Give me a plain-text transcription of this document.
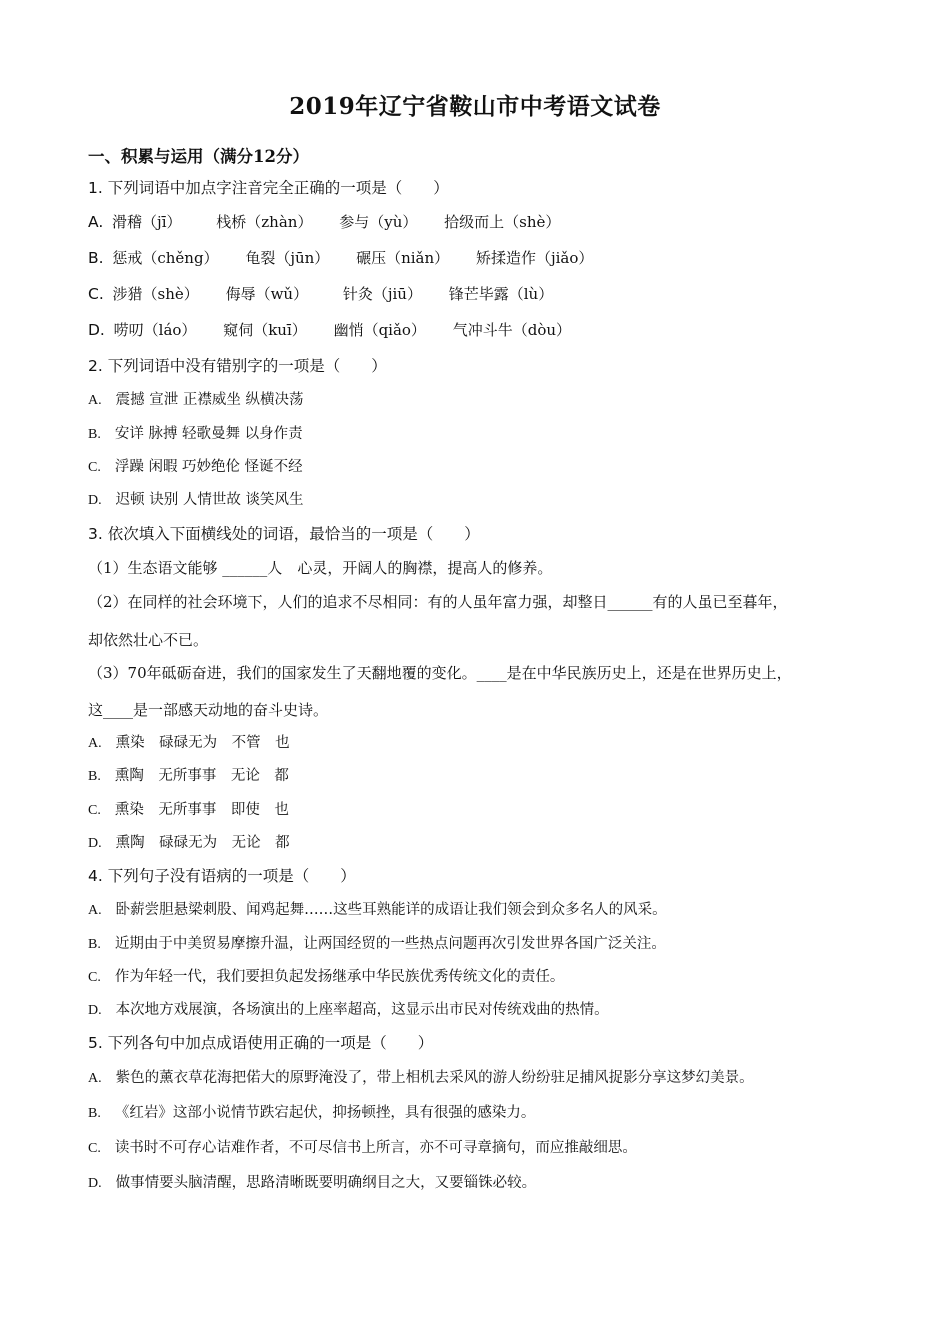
2019年辽宁省鞍山市中考语文试卷
一、积累与运用（满分12分）
1. 下列词语中加点字注音完全正确的一项是（　　）
A. 滑稽（jī） 栈桥（zhàn） 参与（yù） 拾级而上（shè）
B. 惩戒（chěng） 龟裂（jūn） 碾压（niǎn） 矫揉造作（jiǎo）
C. 涉猎（shè） 侮辱（wǔ） 针灸（jiū） 锋芒毕露（lù）
D. 唠叨（láo） 窥伺（kuī） 幽悄（qiǎo） 气冲斗牛（dòu）
2. 下列词语中没有错别字的一项是（　　）
A. 震撼 宣泄 正襟威坐 纵横决荡
B. 安详 脉搏 轻歌曼舞 以身作责
C. 浮躁 闲暇 巧妙绝伦 怪诞不经
D. 迟顿 诀别 人情世故 谈笑风生
3. 依次填入下面横线处的词语，最恰当的一项是（　　）
（1）生态语文能够 ______人　心灵，开阔人的胸襟，提高人的修养。
（2）在同样的社会环境下，人们的追求不尽相同：有的人虽年富力强，却整日______有的人虽已至暮年，
却依然壮心不已。
（3）70年砥砺奋进，我们的国家发生了天翻地覆的变化。____是在中华民族历史上，还是在世界历史上，
这____是一部感天动地的奋斗史诗。
A. 熏染　碌碌无为　不管　也
B. 熏陶　无所事事　无论　都
C. 熏染　无所事事　即使　也
D. 熏陶　碌碌无为　无论　都
4. 下列句子没有语病的一项是（　　）
A. 卧薪尝胆悬梁刺股、闻鸡起舞……这些耳熟能详的成语让我们领会到众多名人的风采。
B. 近期由于中美贸易摩擦升温，让两国经贸的一些热点问题再次引发世界各国广泛关注。
C. 作为年轻一代，我们要担负起发扬继承中华民族优秀传统文化的责任。
D. 本次地方戏展演，各场演出的上座率超高，这显示出市民对传统戏曲的热情。
5. 下列各句中加点成语使用正确的一项是（　　）
A. 紫色的薰衣草花海把偌大的原野淹没了，带上相机去采风的游人纷纷驻足捕风捉影分享这梦幻美景。
B. 《红岩》这部小说情节跌宕起伏，抑扬顿挫，具有很强的感染力。
C. 读书时不可存心诘难作者，不可尽信书上所言，亦不可寻章摘句，而应推敲细思。
D. 做事情要头脑清醒，思路清晰既要明确纲目之大，又要锱铢必较。
